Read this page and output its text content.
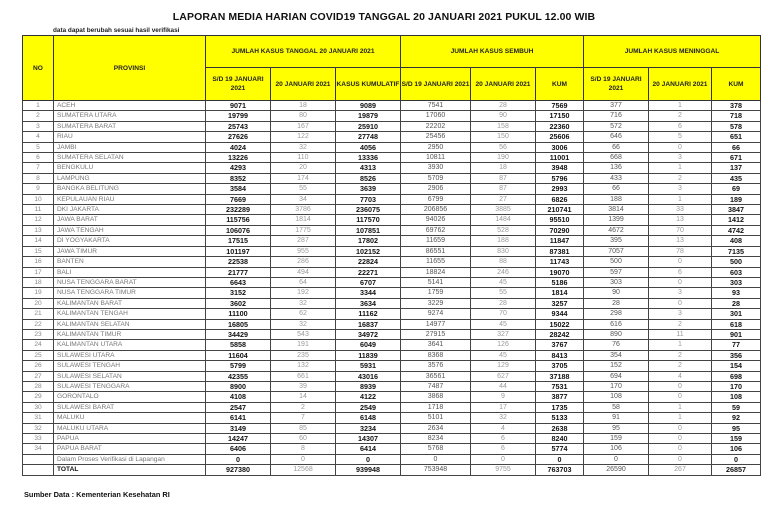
LAPORAN MEDIA HARIAN COVID19 TANGGAL 20 JANUARI 2021 PUKUL 12.00 WIB
data dapat berubah sesuai hasil verifikasi
NO	PROVINSI	JUMLAH KASUS TANGGAL 20 JANUARI 2021			JUMLAH KASUS SEMBUH			JUMLAH KASUS MENINGGAL		
		S/D 19 JANUARI 2021	20 JANUARI 2021	KASUS KUMULATIF	S/D 19 JANUARI 2021	20 JANUARI 2021	KUM	S/D 19 JANUARI 2021	20 JANUARI 2021	KUM
1	ACEH	9071	18	9089	7541	28	7569	377	1	378
2	SUMATERA UTARA	19799	80	19879	17060	90	17150	716	2	718
3	SUMATERA BARAT	25743	167	25910	22202	158	22360	572	6	578
4	RIAU	27626	122	27748	25456	150	25606	646	5	651
5	JAMBI	4024	32	4056	2950	56	3006	66	0	66
6	SUMATERA SELATAN	13226	110	13336	10811	190	11001	668	3	671
7	BENGKULU	4293	20	4313	3930	18	3948	136	1	137
8	LAMPUNG	8352	174	8526	5709	87	5796	433	2	435
9	BANGKA BELITUNG	3584	55	3639	2906	87	2993	66	3	69
10	KEPULAUAN RIAU	7669	34	7703	6799	27	6826	188	1	189
11	DKI JAKARTA	232289	3786	236075	206856	3885	210741	3814	33	3847
12	JAWA BARAT	115756	1814	117570	94026	1484	95510	1399	13	1412
13	JAWA TENGAH	106076	1775	107851	69762	528	70290	4672	70	4742
14	DI YOGYAKARTA	17515	287	17802	11659	188	11847	395	13	408
15	JAWA TIMUR	101197	955	102152	86551	830	87381	7057	78	7135
16	BANTEN	22538	286	22824	11655	88	11743	500	0	500
17	BALI	21777	494	22271	18824	246	19070	597	6	603
18	NUSA TENGGARA BARAT	6643	64	6707	5141	45	5186	303	0	303
19	NUSA TENGGARA TIMUR	3152	192	3344	1759	55	1814	90	3	93
20	KALIMANTAN BARAT	3602	32	3634	3229	28	3257	28	0	28
21	KALIMANTAN TENGAH	11100	62	11162	9274	70	9344	298	3	301
22	KALIMANTAN SELATAN	16805	32	16837	14977	45	15022	616	2	618
23	KALIMANTAN TIMUR	34429	543	34972	27915	327	28242	890	11	901
24	KALIMANTAN UTARA	5858	191	6049	3641	126	3767	76	1	77
25	SULAWESI UTARA	11604	235	11839	8368	45	8413	354	2	356
26	SULAWESI TENGAH	5799	132	5931	3576	129	3705	152	2	154
27	SULAWESI SELATAN	42355	661	43016	36561	627	37188	694	4	698
28	SULAWESI TENGGARA	8900	39	8939	7487	44	7531	170	0	170
29	GORONTALO	4108	14	4122	3868	9	3877	108	0	108
30	SULAWESI BARAT	2547	2	2549	1718	17	1735	58	1	59
31	MALUKU	6141	7	6148	5101	32	5133	91	1	92
32	MALUKU UTARA	3149	85	3234	2634	4	2638	95	0	95
33	PAPUA	14247	60	14307	8234	6	8240	159	0	159
34	PAPUA BARAT	6406	8	6414	5768	6	5774	106	0	106
	Dalam Proses Verifikasi di Lapangan	0	0	0	0	0	0	0	0	0
	TOTAL	927380	12568	939948	753948	9755	763703	26590	267	26857
Sumber Data : Kementerian Kesehatan RI
